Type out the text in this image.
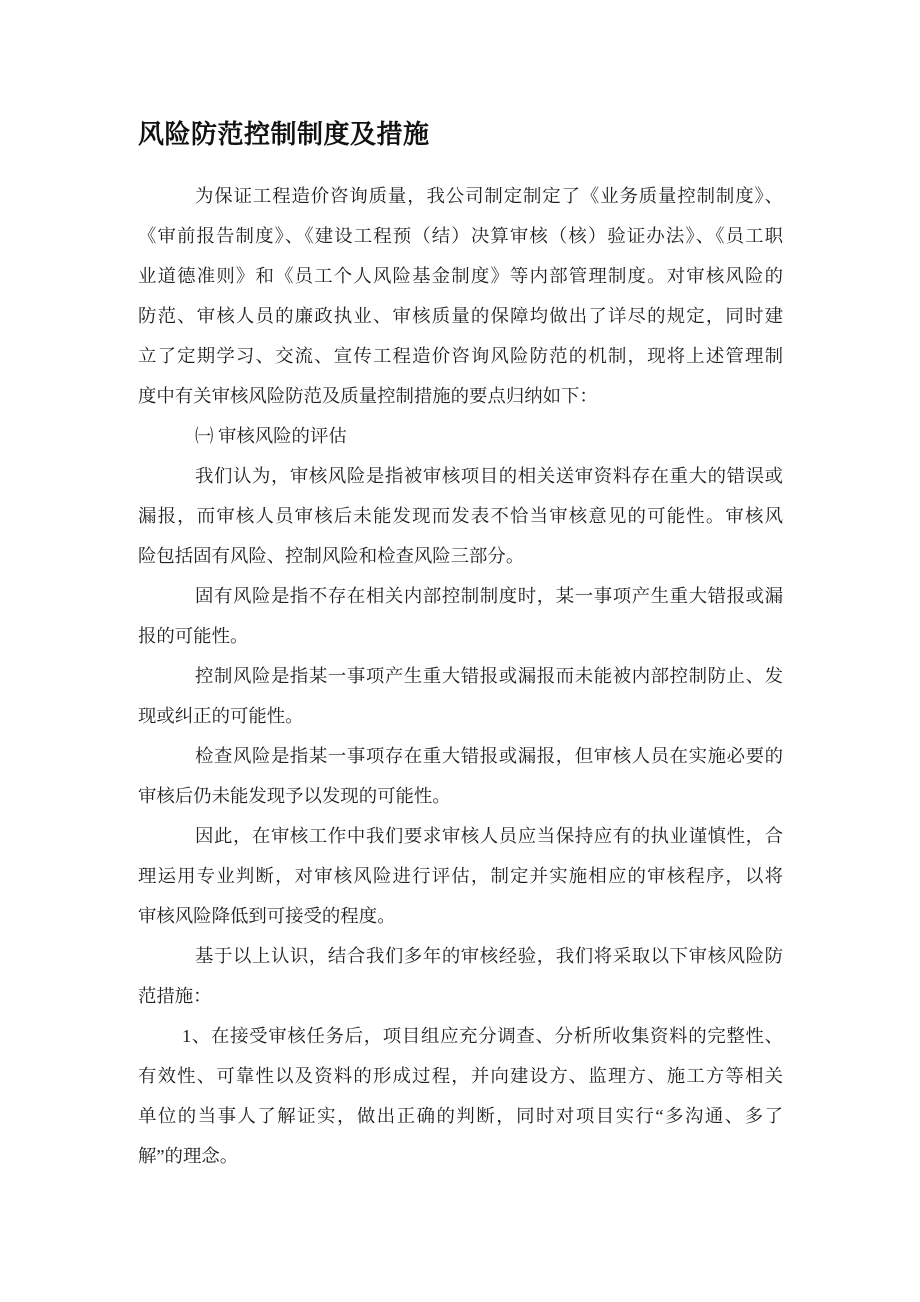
风险防范控制制度及措施
为保证工程造价咨询质量，我公司制定制定了《业务质量控制制度》、
《审前报告制度》、《建设工程预（结）决算审核（核）验证办法》、《员工职
业道德准则》和《员工个人风险基金制度》等内部管理制度。对审核风险的
防范、审核人员的廉政执业、审核质量的保障均做出了详尽的规定，同时建
立了定期学习、交流、宣传工程造价咨询风险防范的机制，现将上述管理制
度中有关审核风险防范及质量控制措施的要点归纳如下：
㈠ 审核风险的评估
我们认为，审核风险是指被审核项目的相关送审资料存在重大的错误或
漏报，而审核人员审核后未能发现而发表不恰当审核意见的可能性。审核风
险包括固有风险、控制风险和检查风险三部分。
固有风险是指不存在相关内部控制制度时，某一事项产生重大错报或漏
报的可能性。
控制风险是指某一事项产生重大错报或漏报而未能被内部控制防止、发
现或纠正的可能性。
检查风险是指某一事项存在重大错报或漏报，但审核人员在实施必要的
审核后仍未能发现予以发现的可能性。
因此，在审核工作中我们要求审核人员应当保持应有的执业谨慎性，合
理运用专业判断，对审核风险进行评估，制定并实施相应的审核程序，以将
审核风险降低到可接受的程度。
基于以上认识，结合我们多年的审核经验，我们将采取以下审核风险防
范措施：
1、在接受审核任务后，项目组应充分调查、分析所收集资料的完整性、
有效性、可靠性以及资料的形成过程，并向建设方、监理方、施工方等相关
单位的当事人了解证实，做出正确的判断，同时对项目实行“多沟通、多了
解”的理念。
